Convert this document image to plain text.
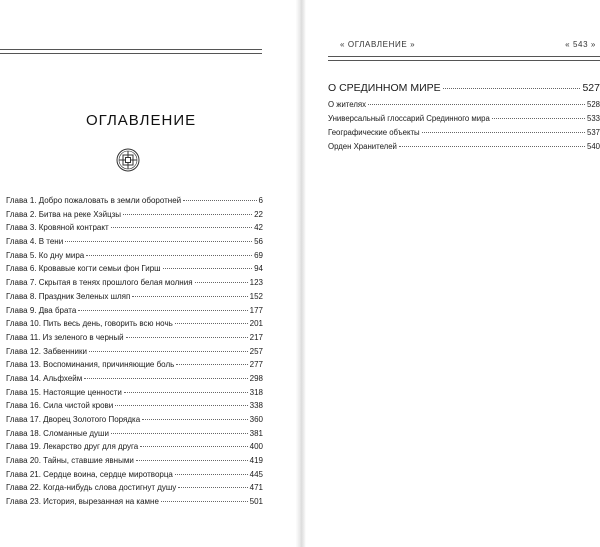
ОГЛАВЛЕНИЕ
Глава 1. Добро пожаловать в земли оборотней	6
Глава 2. Битва на реке Хэйцзы	22
Глава 3. Кровяной контракт	42
Глава 4. В тени	56
Глава 5. Ко дну мира	69
Глава 6. Кровавые когти семьи фон Гирш	94
Глава 7. Скрытая в тенях прошлого белая молния	123
Глава 8. Праздник Зеленых шляп	152
Глава 9. Два брата	177
Глава 10. Пить весь день, говорить всю ночь	201
Глава 11. Из зеленого в черный	217
Глава 12. Забвенники	257
Глава 13. Воспоминания, причиняющие боль	277
Глава 14. Альфхейм	298
Глава 15. Настоящие ценности	318
Глава 16. Сила чистой крови	338
Глава 17. Дворец Золотого Порядка	360
Глава 18. Сломанные души	381
Глава 19. Лекарство друг для друга	400
Глава 20. Тайны, ставшие явными	419
Глава 21. Сердце воина, сердце миротворца	445
Глава 22. Когда-нибудь слова достигнут душу	471
Глава 23. История, вырезанная на камне	501
« ОГЛАВЛЕНИЕ »	« 543 »
О СРЕДИННОМ МИРЕ	527
О жителях	528
Универсальный глоссарий Срединного мира	533
Географические объекты	537
Орден Хранителей	540
